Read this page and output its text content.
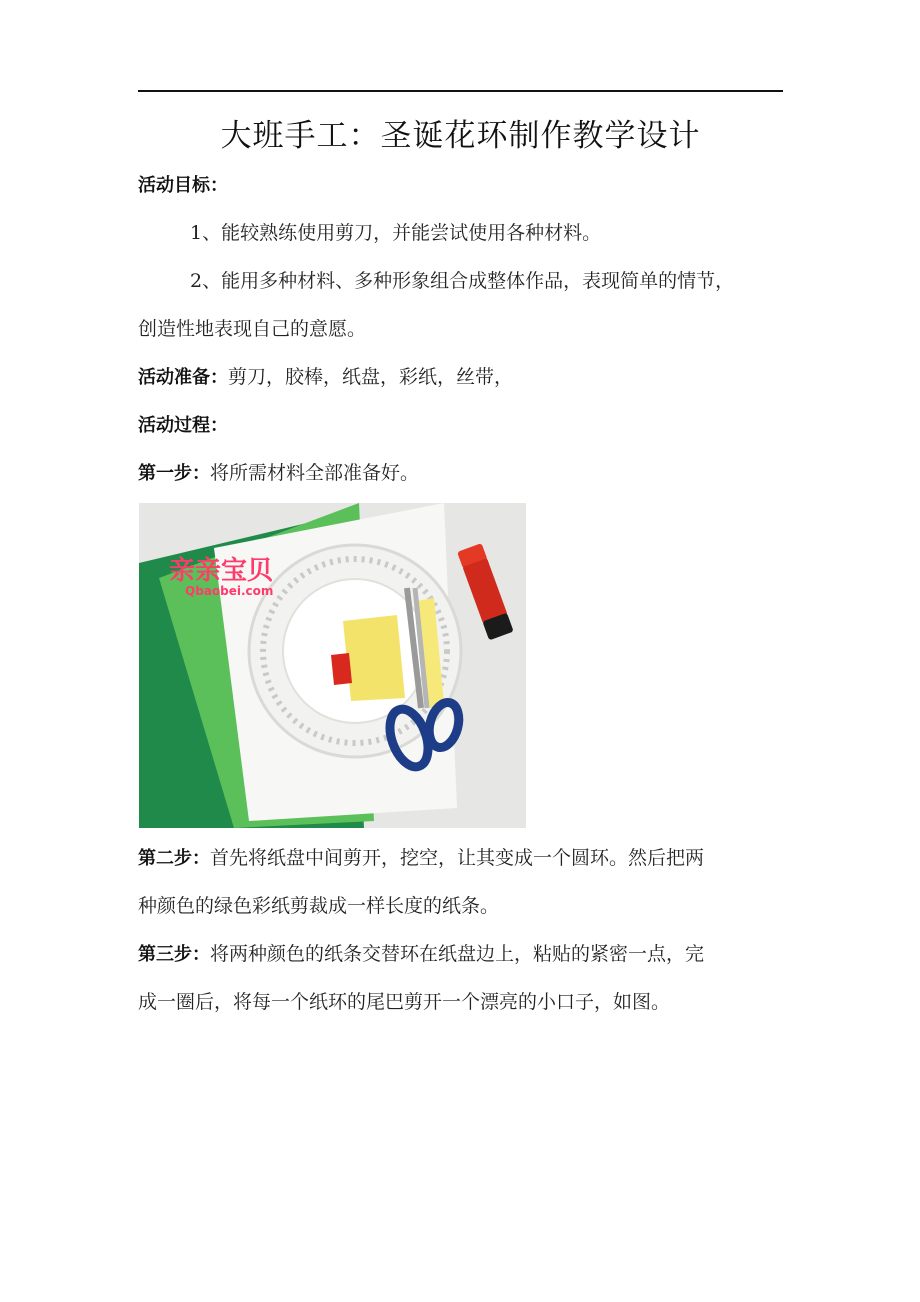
大班手工：圣诞花环制作教学设计
活动目标：
1、能较熟练使用剪刀，并能尝试使用各种材料。
2、能用多种材料、多种形象组合成整体作品，表现简单的情节，
创造性地表现自己的意愿。
活动准备：剪刀，胶棒，纸盘，彩纸，丝带，
活动过程：
第一步：将所需材料全部准备好。
亲亲宝贝
Qbaobei.com
第二步：首先将纸盘中间剪开，挖空，让其变成一个圆环。然后把两
种颜色的绿色彩纸剪裁成一样长度的纸条。
第三步：将两种颜色的纸条交替环在纸盘边上，粘贴的紧密一点，完
成一圈后，将每一个纸环的尾巴剪开一个漂亮的小口子，如图。
